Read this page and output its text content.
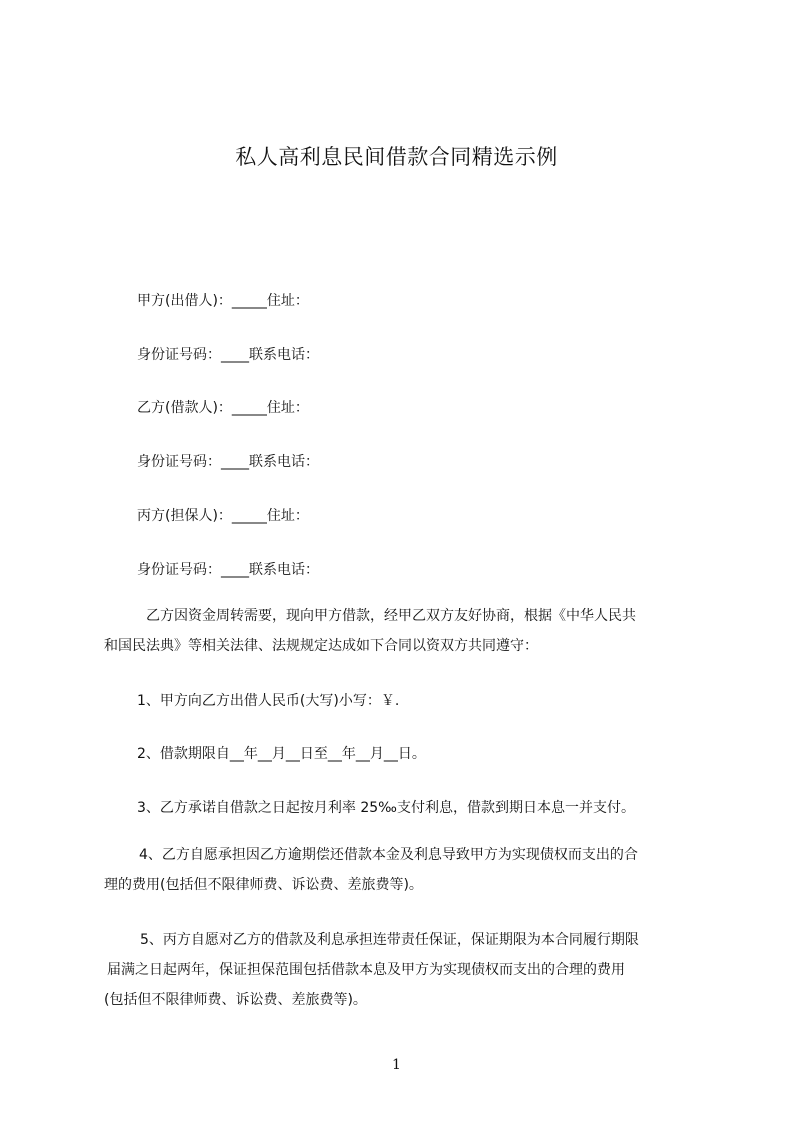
私人高利息民间借款合同精选示例
甲方(出借人)：_____住址：
身份证号码：____联系电话：
乙方(借款人)：_____住址：
身份证号码：____联系电话：
丙方(担保人)：_____住址：
身份证号码：____联系电话：
乙方因资金周转需要，现向甲方借款，经甲乙双方友好协商，根据《中华人民共
和国民法典》等相关法律、法规规定达成如下合同以资双方共同遵守：
1、甲方向乙方出借人民币(大写)小写：￥.
2、借款期限自__年__月__日至__年__月__日。
3、乙方承诺自借款之日起按月利率 25‰支付利息，借款到期日本息一并支付。
4、乙方自愿承担因乙方逾期偿还借款本金及利息导致甲方为实现债权而支出的合
理的费用(包括但不限律师费、诉讼费、差旅费等)。
5、丙方自愿对乙方的借款及利息承担连带责任保证，保证期限为本合同履行期限
届满之日起两年，保证担保范围包括借款本息及甲方为实现债权而支出的合理的费用
(包括但不限律师费、诉讼费、差旅费等)。
1
